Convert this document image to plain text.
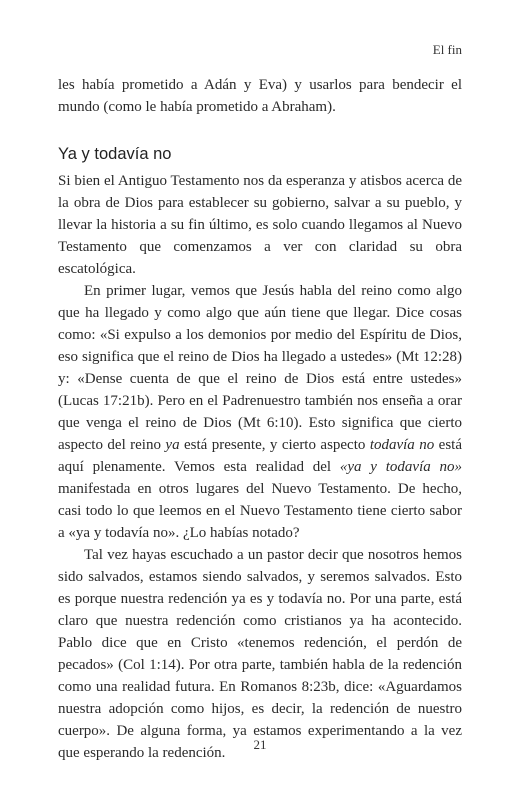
El fin

les había prometido a Adán y Eva) y usarlos para bendecir el mundo (como le había prometido a Abraham).

Ya y todavía no

Si bien el Antiguo Testamento nos da esperanza y atisbos acerca de la obra de Dios para establecer su gobierno, salvar a su pueblo, y llevar la historia a su fin último, es solo cuando llegamos al Nuevo Testamento que comenzamos a ver con claridad su obra escatológica.

En primer lugar, vemos que Jesús habla del reino como algo que ha llegado y como algo que aún tiene que llegar. Dice cosas como: «Si expulso a los demonios por medio del Espíritu de Dios, eso significa que el reino de Dios ha llegado a ustedes» (Mt 12:28) y: «Dense cuenta de que el reino de Dios está entre ustedes» (Lucas 17:21b). Pero en el Padrenuestro también nos enseña a orar que venga el reino de Dios (Mt 6:10). Esto significa que cierto aspecto del reino ya está presente, y cierto aspecto todavía no está aquí plenamente. Vemos esta realidad del «ya y todavía no» manifestada en otros lugares del Nuevo Testamento. De hecho, casi todo lo que leemos en el Nuevo Testamento tiene cierto sabor a «ya y todavía no». ¿Lo habías notado?

Tal vez hayas escuchado a un pastor decir que nosotros hemos sido salvados, estamos siendo salvados, y seremos salvados. Esto es porque nuestra redención ya es y todavía no. Por una parte, está claro que nuestra redención como cristianos ya ha acontecido. Pablo dice que en Cristo «tenemos redención, el perdón de pecados» (Col 1:14). Por otra parte, también habla de la redención como una realidad futura. En Romanos 8:23b, dice: «Aguardamos nuestra adopción como hijos, es decir, la redención de nuestro cuerpo». De alguna forma, ya estamos experimentando a la vez que esperando la redención.

21
